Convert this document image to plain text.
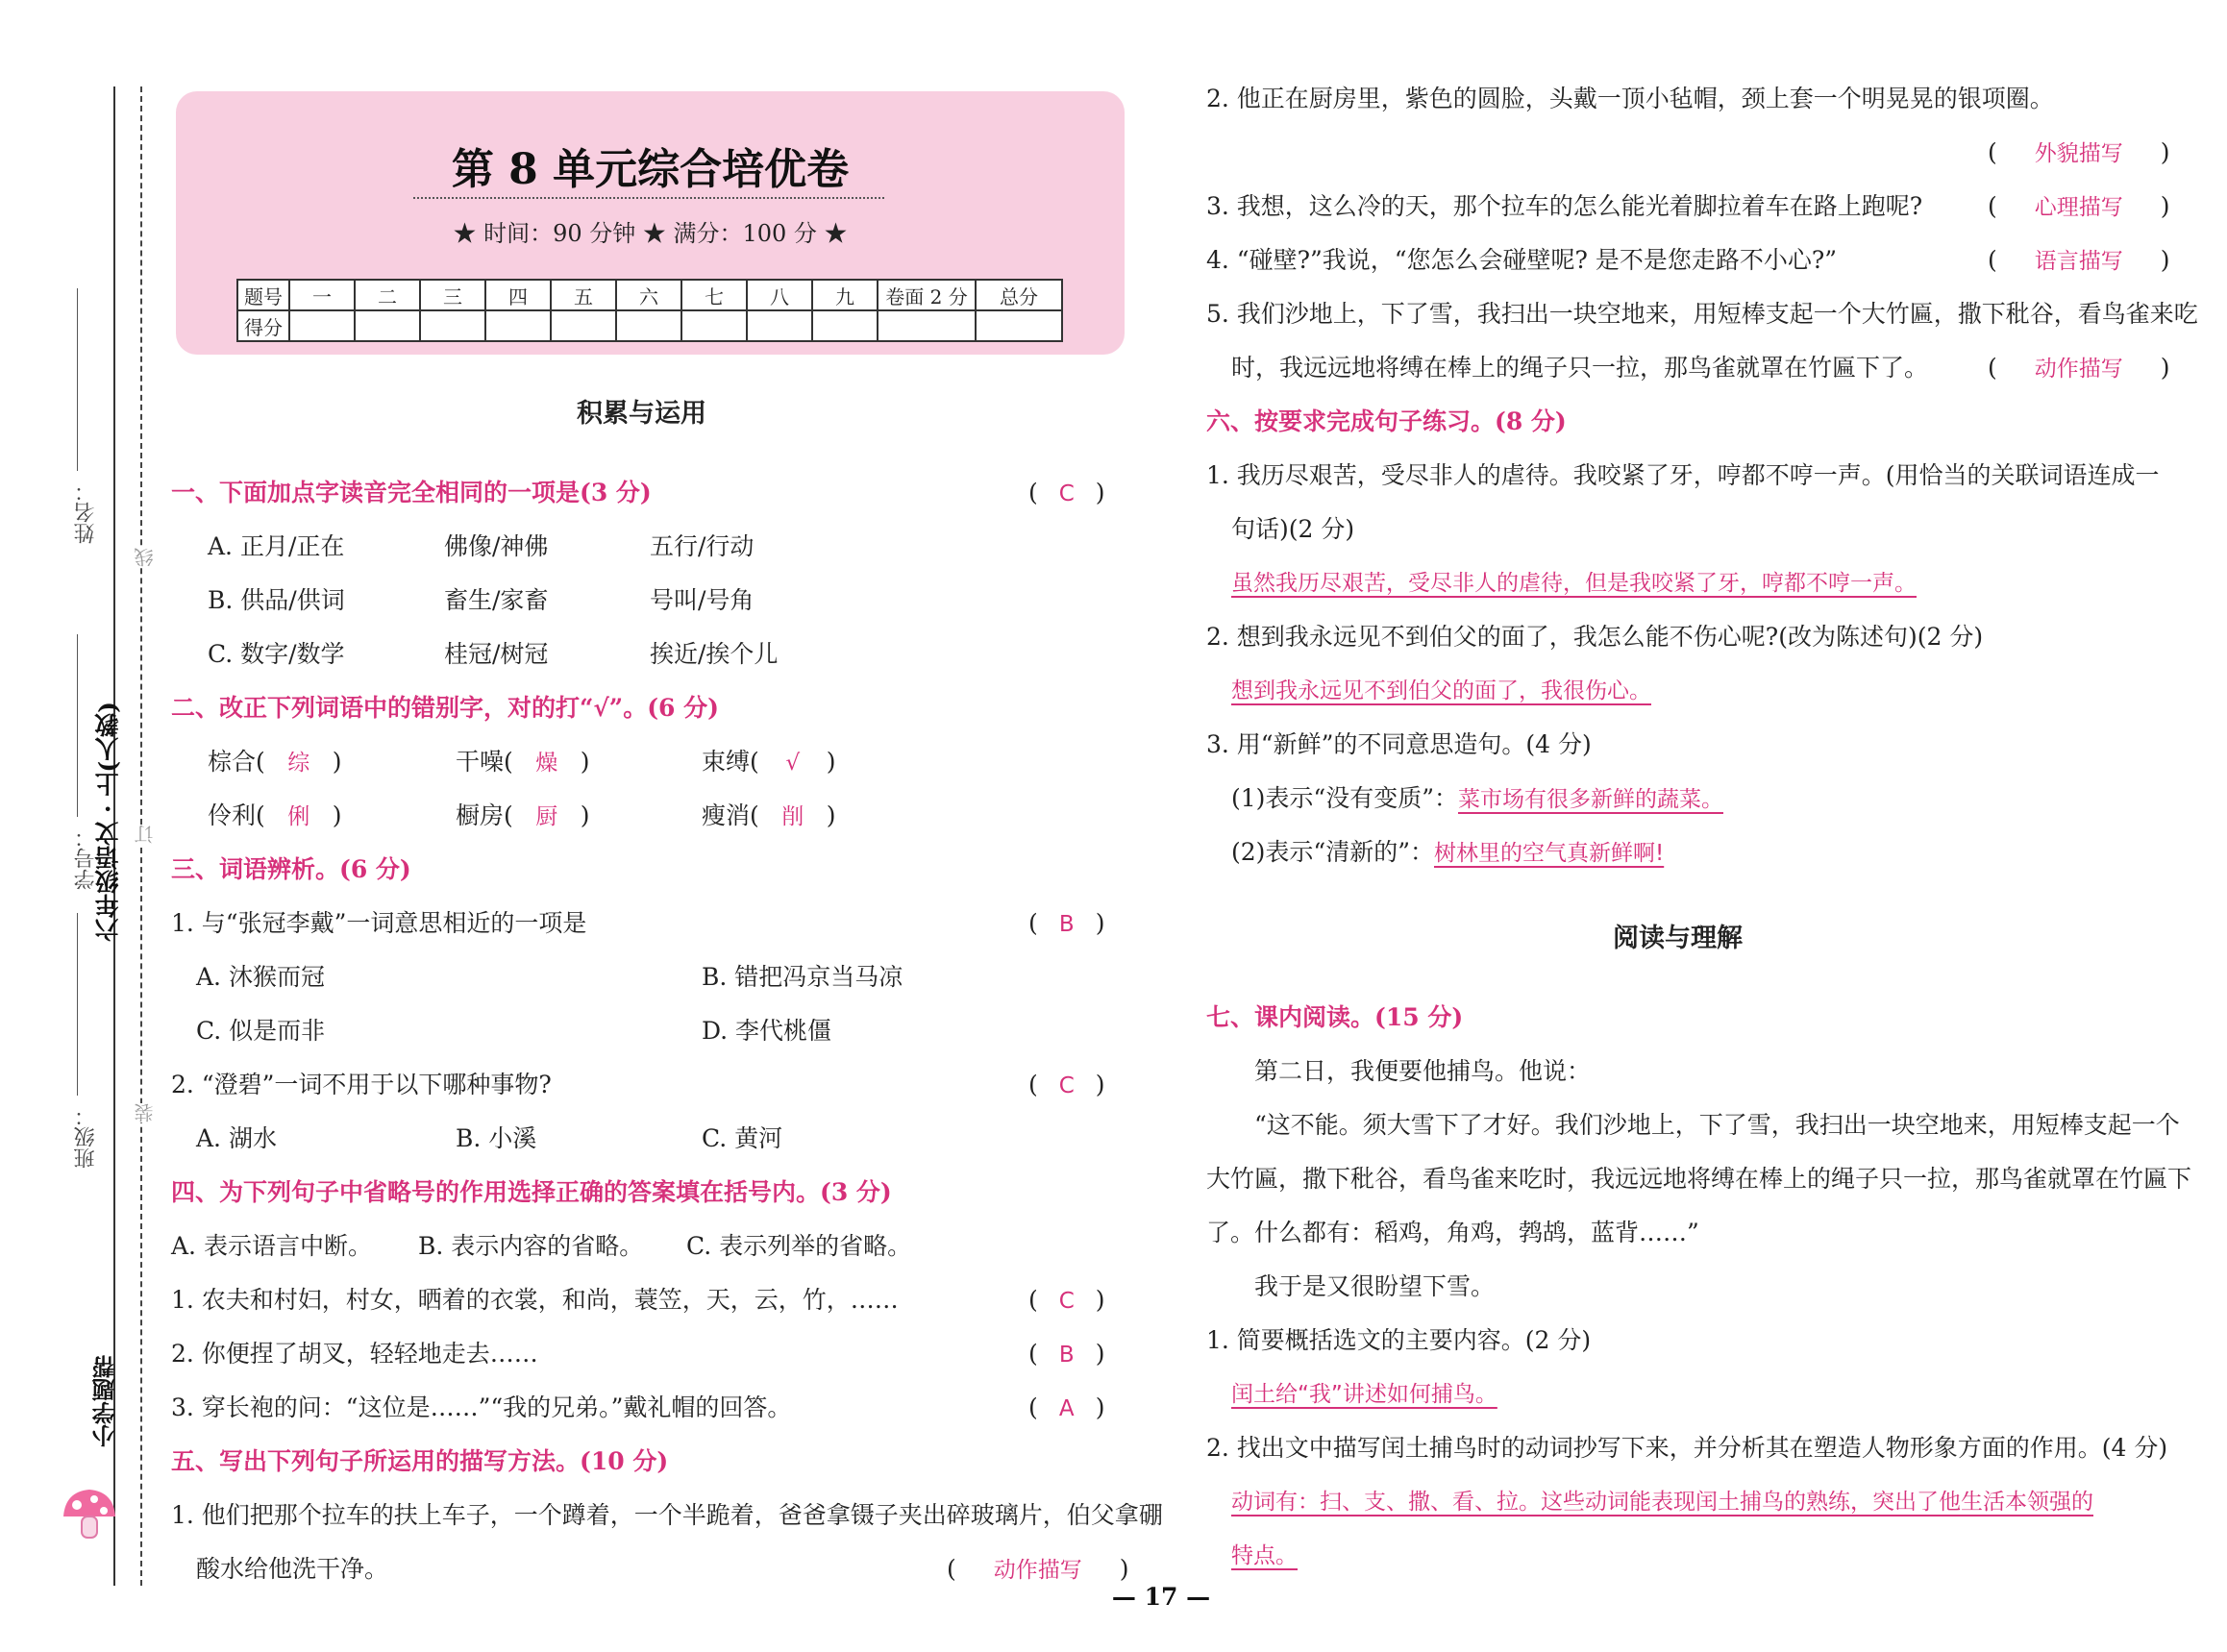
姓名：
学号：
班级：
六年级语文 · 上(人教)
线
订
装
小学题帮
第 8 单元综合培优卷
★ 时间：90 分钟 ★ 满分：100 分 ★
题号	一	二	三	四	五	六	七	八	九	卷面 2 分	总分
得分											
积累与运用
一、下面加点字读音完全相同的一项是(3 分)	( C )
A. 正月/正在	佛像/神佛	五行/行动
B. 供品/供词	畜生/家畜	号叫/号角
C. 数字/数学	桂冠/树冠	挨近/挨个儿
二、改正下列词语中的错别字，对的打“√”。(6 分)
棕合( 综 )	干噪( 燥 )	束缚( √ )
伶利( 俐 )	橱房( 厨 )	瘦消( 削 )
三、词语辨析。(6 分)
1. 与“张冠李戴”一词意思相近的一项是	( B )
A. 沐猴而冠	B. 错把冯京当马凉
C. 似是而非	D. 李代桃僵
2. “澄碧”一词不用于以下哪种事物?	( C )
A. 湖水	B. 小溪	C. 黄河
四、为下列句子中省略号的作用选择正确的答案填在括号内。(3 分)
A. 表示语言中断。 B. 表示内容的省略。 C. 表示列举的省略。
1. 农夫和村妇，村女，晒着的衣裳，和尚，蓑笠，天，云，竹，……	( C )
2. 你便捏了胡叉，轻轻地走去……	( B )
3. 穿长袍的问：“这位是……”“我的兄弟。”戴礼帽的回答。	( A )
五、写出下列句子所运用的描写方法。(10 分)
1. 他们把那个拉车的扶上车子，一个蹲着，一个半跪着，爸爸拿镊子夹出碎玻璃片，伯父拿硼
酸水给他洗干净。	( 动作描写 )
2. 他正在厨房里，紫色的圆脸，头戴一顶小毡帽，颈上套一个明晃晃的银项圈。
( 外貌描写 )
3. 我想，这么冷的天，那个拉车的怎么能光着脚拉着车在路上跑呢?	( 心理描写 )
4. “碰壁?”我说，“您怎么会碰壁呢? 是不是您走路不小心?”	( 语言描写 )
5. 我们沙地上，下了雪，我扫出一块空地来，用短棒支起一个大竹匾，撒下秕谷，看鸟雀来吃
时，我远远地将缚在棒上的绳子只一拉，那鸟雀就罩在竹匾下了。 ( 动作描写 )
六、按要求完成句子练习。(8 分)
1. 我历尽艰苦，受尽非人的虐待。我咬紧了牙，哼都不哼一声。(用恰当的关联词语连成一
句话)(2 分)
虽然我历尽艰苦，受尽非人的虐待，但是我咬紧了牙，哼都不哼一声。
2. 想到我永远见不到伯父的面了，我怎么能不伤心呢?(改为陈述句)(2 分)
想到我永远见不到伯父的面了，我很伤心。
3. 用“新鲜”的不同意思造句。(4 分)
(1)表示“没有变质”：菜市场有很多新鲜的蔬菜。
(2)表示“清新的”：树林里的空气真新鲜啊!
阅读与理解
七、课内阅读。(15 分)
第二日，我便要他捕鸟。他说：
“这不能。须大雪下了才好。我们沙地上，下了雪，我扫出一块空地来，用短棒支起一个
大竹匾，撒下秕谷，看鸟雀来吃时，我远远地将缚在棒上的绳子只一拉，那鸟雀就罩在竹匾下
了。什么都有：稻鸡，角鸡，鹁鸪，蓝背……”
我于是又很盼望下雪。
1. 简要概括选文的主要内容。(2 分)
闰土给“我”讲述如何捕鸟。
2. 找出文中描写闰土捕鸟时的动词抄写下来，并分析其在塑造人物形象方面的作用。(4 分)
动词有：扫、支、撒、看、拉。这些动词能表现闰土捕鸟的熟练，突出了他生活本领强的
特点。
— 17 —
